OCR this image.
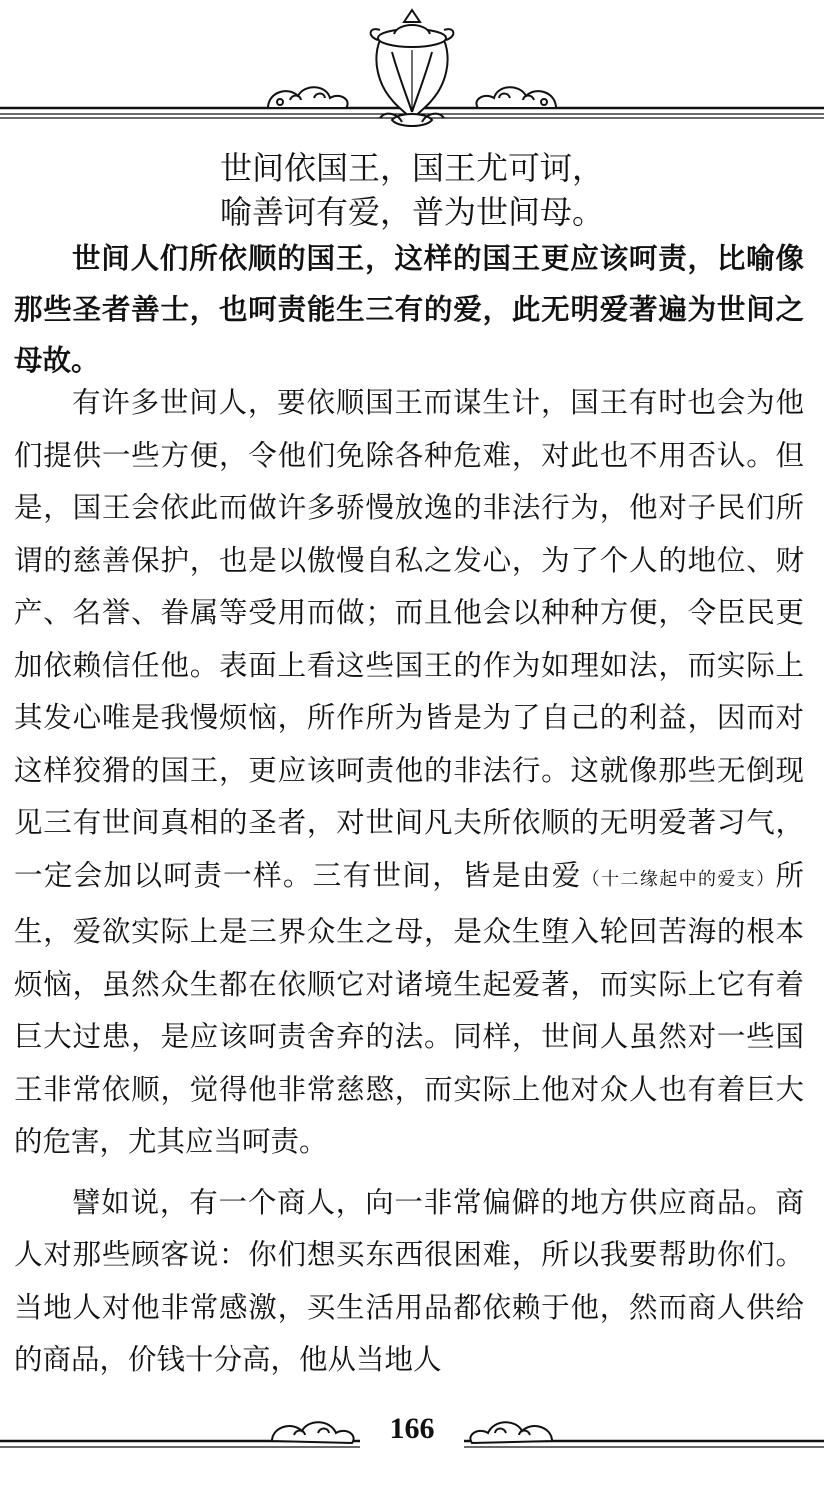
世间依国王，国王尤可诃，
喻善诃有爱，普为世间母。

世间人们所依顺的国王，这样的国王更应该呵责，比喻像那些圣者善士，也呵责能生三有的爱，此无明爱著遍为世间之母故。

有许多世间人，要依顺国王而谋生计，国王有时也会为他们提供一些方便，令他们免除各种危难，对此也不用否认。但是，国王会依此而做许多骄慢放逸的非法行为，他对子民们所谓的慈善保护，也是以傲慢自私之发心，为了个人的地位、财产、名誉、眷属等受用而做；而且他会以种种方便，令臣民更加依赖信任他。表面上看这些国王的作为如理如法，而实际上其发心唯是我慢烦恼，所作所为皆是为了自己的利益，因而对这样狡猾的国王，更应该呵责他的非法行。这就像那些无倒现见三有世间真相的圣者，对世间凡夫所依顺的无明爱著习气，一定会加以呵责一样。三有世间，皆是由爱（十二缘起中的爱支）所生，爱欲实际上是三界众生之母，是众生堕入轮回苦海的根本烦恼，虽然众生都在依顺它对诸境生起爱著，而实际上它有着巨大过患，是应该呵责舍弃的法。同样，世间人虽然对一些国王非常依顺，觉得他非常慈愍，而实际上他对众人也有着巨大的危害，尤其应当呵责。

譬如说，有一个商人，向一非常偏僻的地方供应商品。商人对那些顾客说：你们想买东西很困难，所以我要帮助你们。当地人对他非常感激，买生活用品都依赖于他，然而商人供给的商品，价钱十分高，他从当地人

166
